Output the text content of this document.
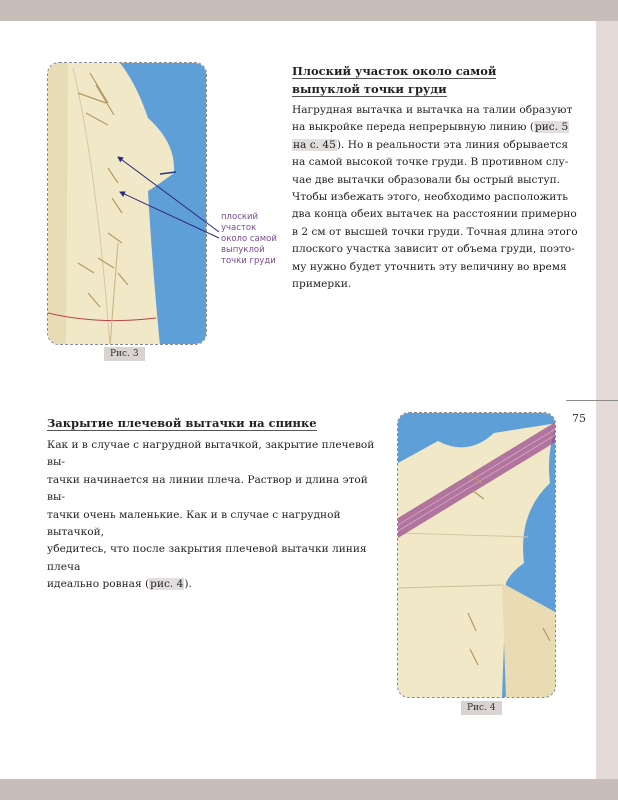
75
Рис. 3
плоский
участок
около самой
выпуклой
точки груди
Плоский участок около самой
выпуклой точки груди
Нагрудная вытачка и вытачка на талии образуют
на выкройке переда непрерывную линию (рис. 5
на с. 45). Но в реальности эта линия обрывается
на самой высокой точке груди. В противном слу-
чае две вытачки образовали бы острый выступ.
Чтобы избежать этого, необходимо расположить
два конца обеих вытачек на расстоянии примерно
в 2 см от высшей точки груди. Точная длина этого
плоского участка зависит от объема груди, поэто-
му нужно будет уточнить эту величину во время
примерки.
Закрытие плечевой вытачки на спинке
Как и в случае с нагрудной вытачкой, закрытие плечевой вы-
тачки начинается на линии плеча. Раствор и длина этой вы-
тачки очень маленькие. Как и в случае с нагрудной вытачкой,
убедитесь, что после закрытия плечевой вытачки линия плеча
идеально ровная (рис. 4).
Рис. 4
